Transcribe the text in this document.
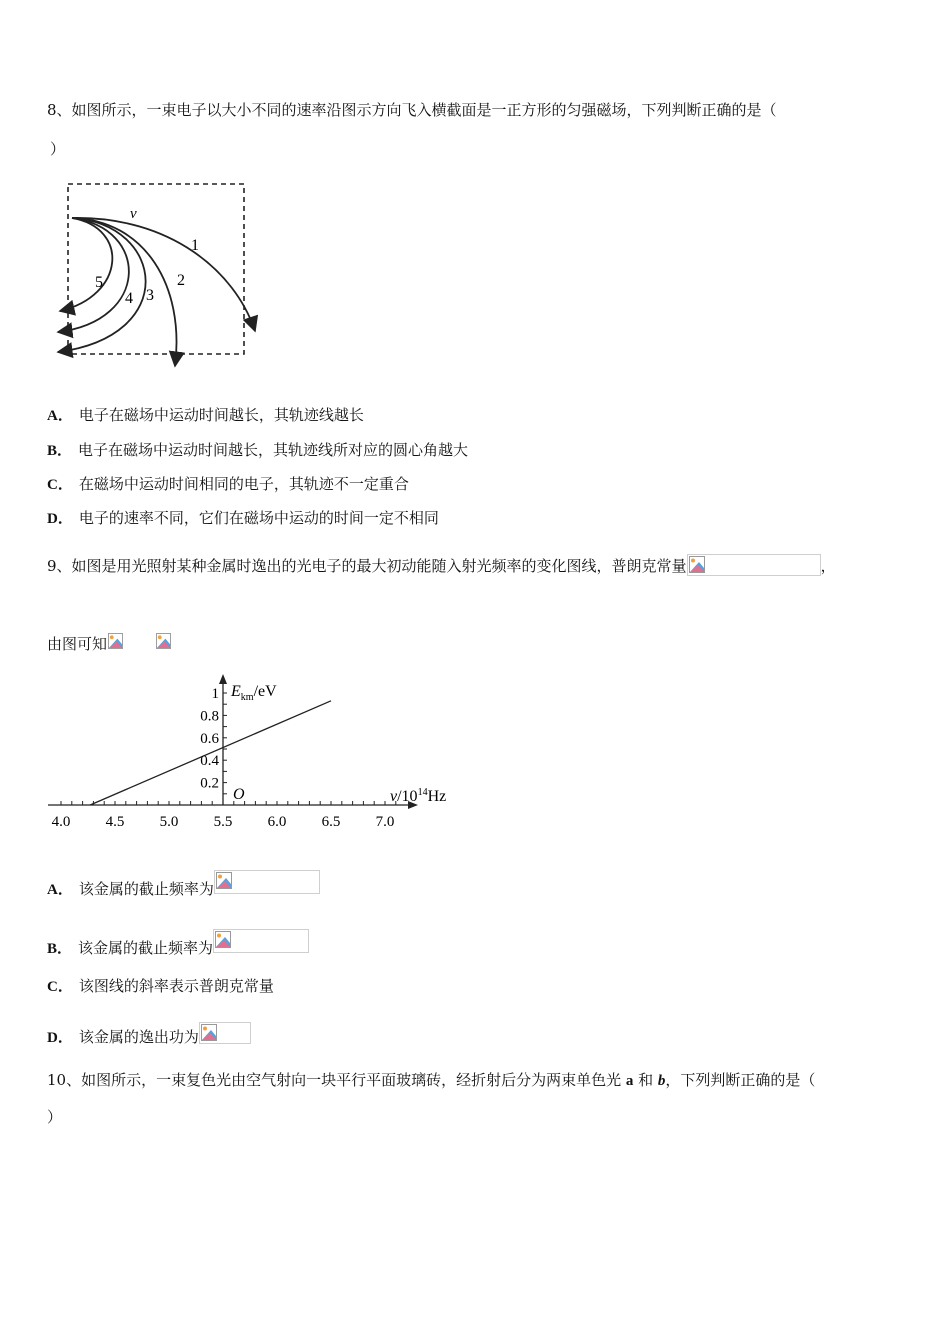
8、如图所示，一束电子以大小不同的速率沿图示方向飞入横截面是一正方形的匀强磁场，下列判断正确的是（
）
v
1
2
3
4
5
A． 电子在磁场中运动时间越长，其轨迹线越长
B． 电子在磁场中运动时间越长，其轨迹线所对应的圆心角越大
C． 在磁场中运动时间相同的电子，其轨迹不一定重合
D． 电子的速率不同，它们在磁场中运动的时间一定不相同
9、如图是用光照射某种金属时逸出的光电子的最大初动能随入射光频率的变化图线，普朗克常量	，
由图可知
4.0 4.5 5.0 5.5 6.0 6.5 7.0
1
0.8
0.6
0.4
0.2
$E_{km}/eV$
$\nu/10^{14}Hz$
O
A． 该金属的截止频率为
B． 该金属的截止频率为
C． 该图线的斜率表示普朗克常量
D． 该金属的逸出功为
10、如图所示，一束复色光由空气射向一块平行平面玻璃砖，经折射后分为两束单色光 a 和 b，下列判断正确的是（
）
